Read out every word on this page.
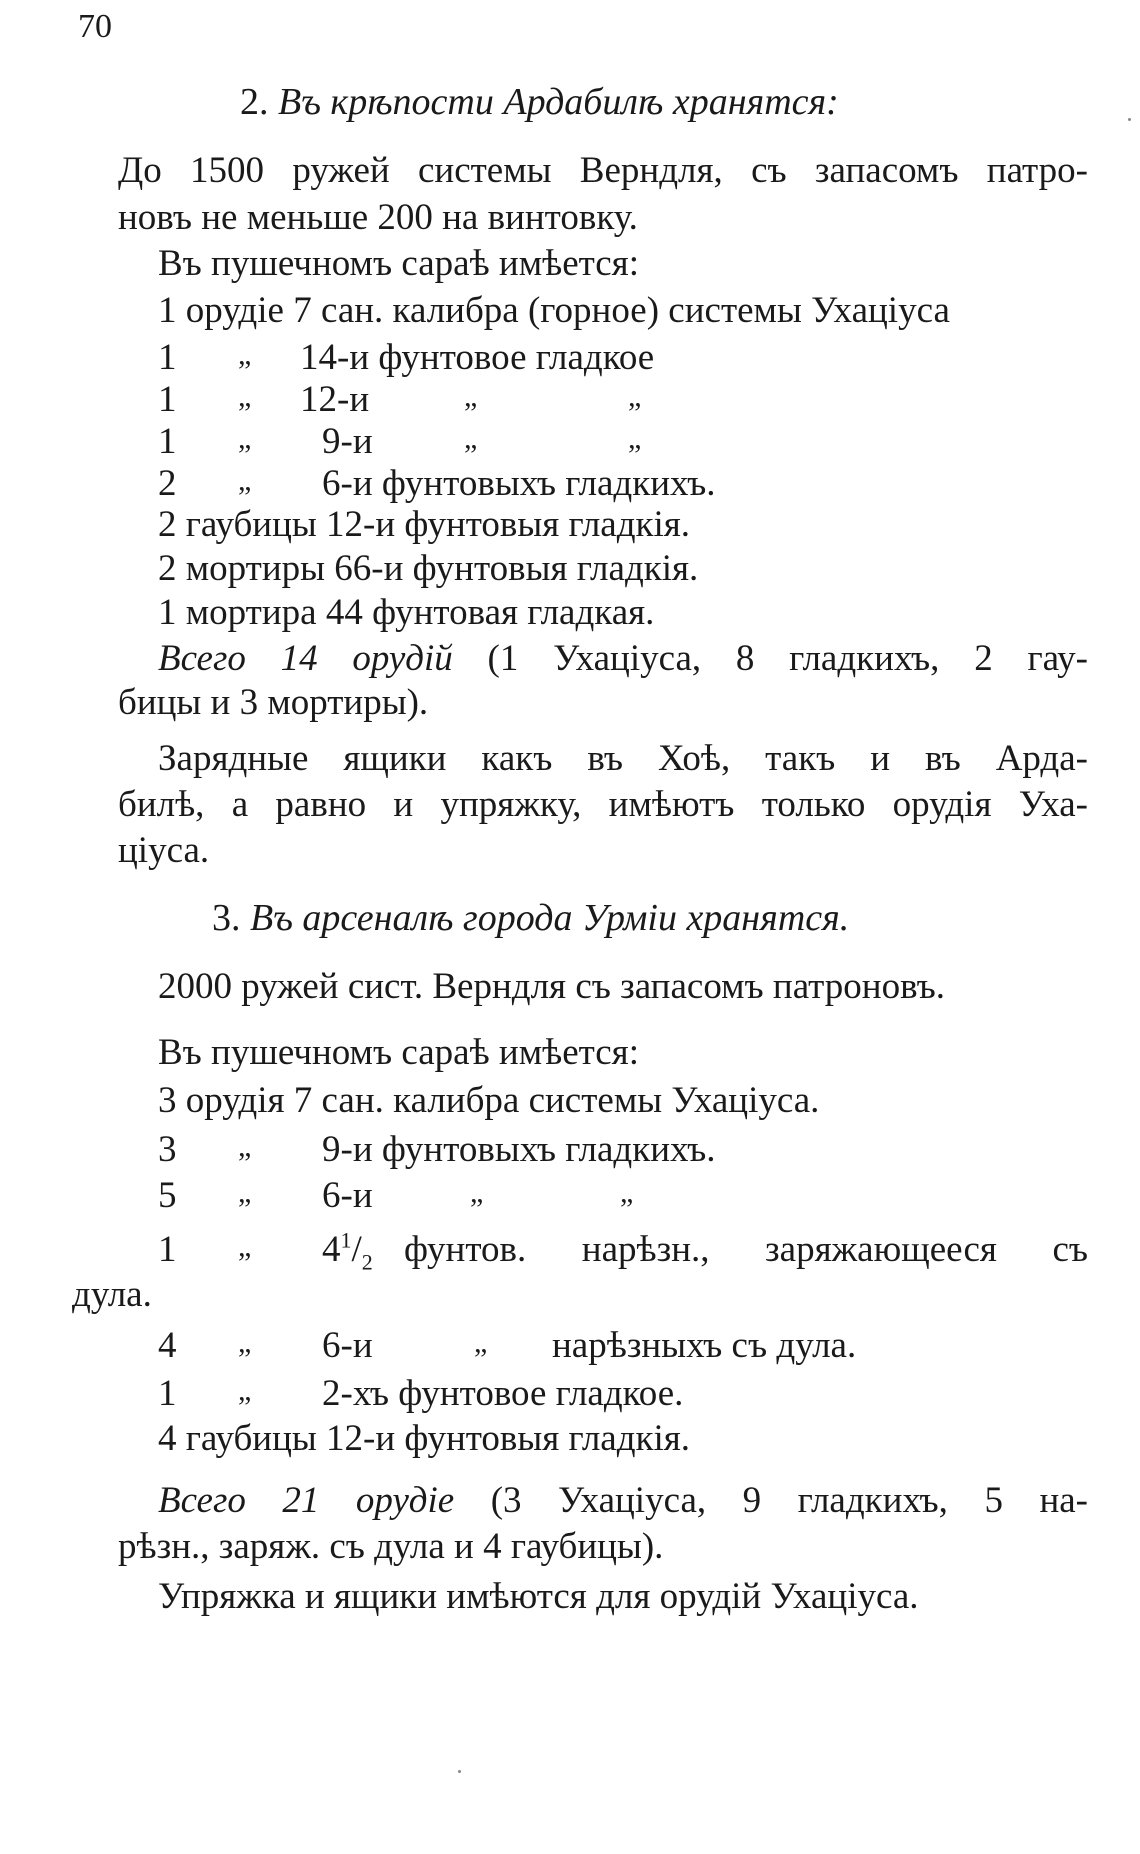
70
2. Въ крѣпости Ардабилѣ хранятся:
До 1500 ружей системы Верндля, съ запасомъ патро-
новъ не меньше 200 на винтовку.
Въ пушечномъ сараѣ имѣется:
1 орудіе 7 сан. калибра (горное) системы Ухаціуса
1 „ 14-и фунтовое гладкое
1 „ 12-и	„	„
1 „ 9-и	„	„
2 „ 6-и фунтовыхъ гладкихъ.
2 гаубицы 12-и фунтовыя гладкія.
2 мортиры 66-и фунтовыя гладкія.
1 мортира 44 фунтовая гладкая.
Всего 14 орудій (1 Ухаціуса, 8 гладкихъ, 2 гау-
бицы и 3 мортиры).
Зарядные ящики какъ въ Хоѣ, такъ и въ Арда-
билѣ, а равно и упряжку, имѣютъ только орудія Уха-
ціуса.
3. Въ арсеналѣ города Урміи хранятся.
2000 ружей сист. Верндля съ запасомъ патроновъ.
Въ пушечномъ сараѣ имѣется:
3 орудія 7 сан. калибра системы Ухаціуса.
3 „ 9-и фунтовыхъ гладкихъ.
5 „ 6-и	„	„
1 „ $4^1/_2$ фунтов. нарѣзн., заряжающееся съ
дула.
4 „ 6-и	„ нарѣзныхъ съ дула.
1 „ 2-хъ фунтовое гладкое.
4 гаубицы 12-и фунтовыя гладкія.
Всего 21 орудіе (3 Ухаціуса, 9 гладкихъ, 5 на-
рѣзн., заряж. съ дула и 4 гаубицы).
Упряжка и ящики имѣются для орудій Ухаціуса.
